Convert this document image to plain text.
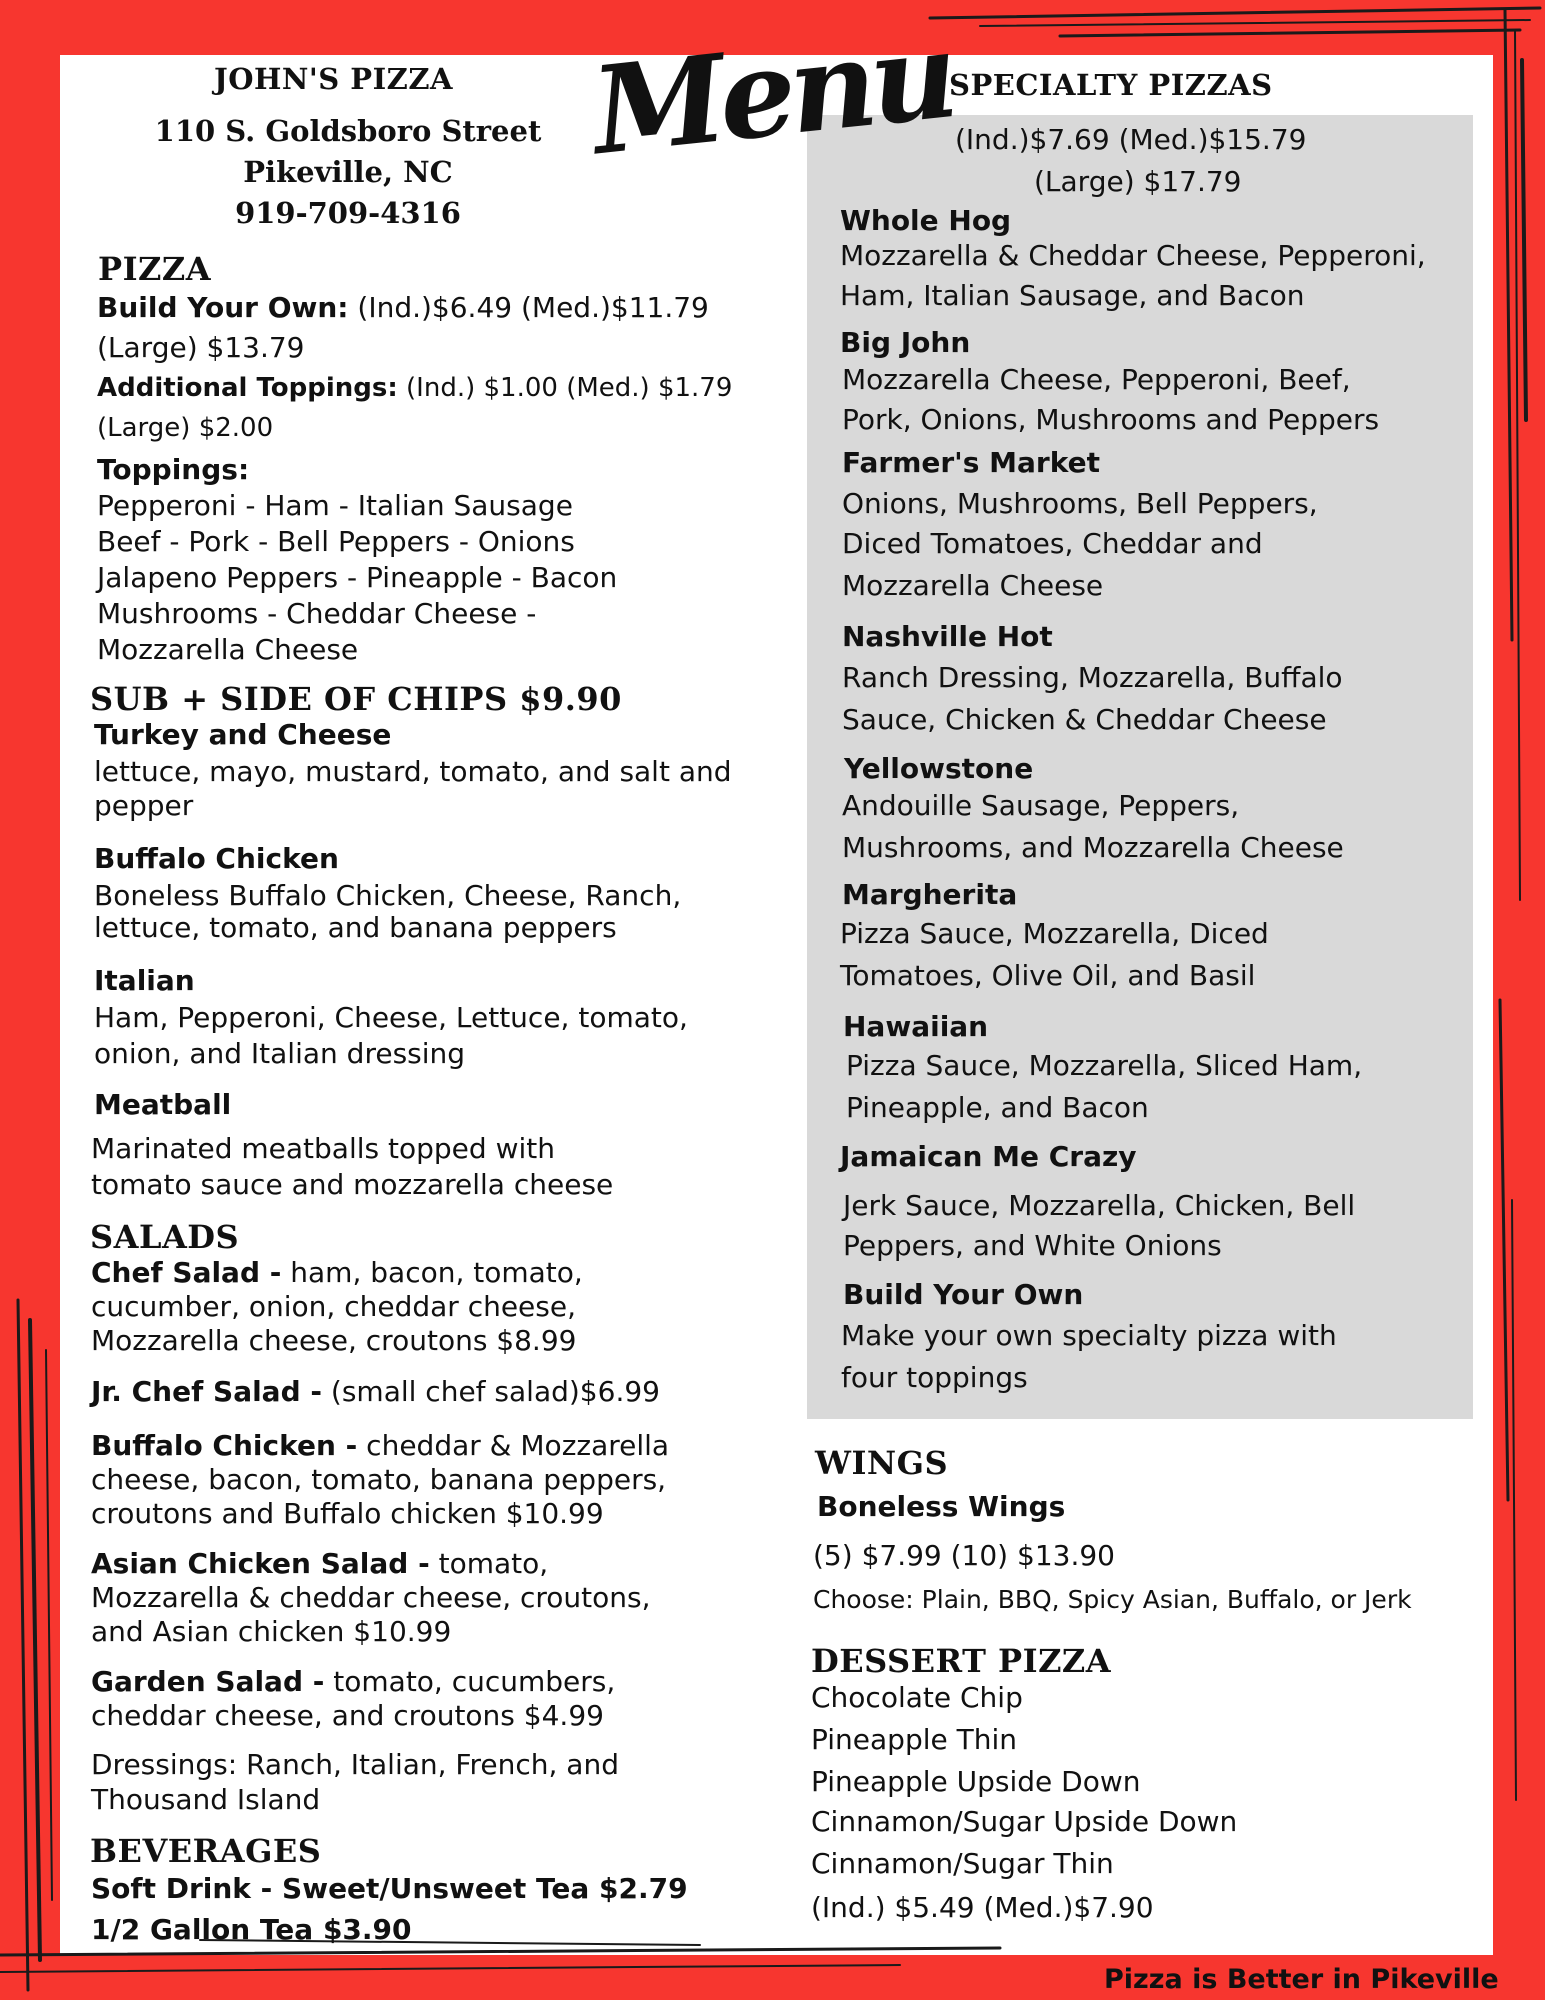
JOHN'S PIZZA
110 S. Goldsboro Street
Pikeville, NC
919-709-4316
Menu
PIZZA
Build Your Own: (Ind.)$6.49 (Med.)$11.79
(Large) $13.79
Additional Toppings: (Ind.) $1.00 (Med.) $1.79
(Large) $2.00
Toppings:
Pepperoni - Ham - Italian Sausage
Beef - Pork - Bell Peppers - Onions
Jalapeno Peppers - Pineapple - Bacon
Mushrooms - Cheddar Cheese -
Mozzarella Cheese
SUB + SIDE OF CHIPS $9.90
Turkey and Cheese
lettuce, mayo, mustard, tomato, and salt and
pepper
Buffalo Chicken
Boneless Buffalo Chicken, Cheese, Ranch,
lettuce, tomato, and banana peppers
Italian
Ham, Pepperoni, Cheese, Lettuce, tomato,
onion, and Italian dressing
Meatball
Marinated meatballs topped with
tomato sauce and mozzarella cheese
SALADS
Chef Salad - ham, bacon, tomato,
cucumber, onion, cheddar cheese,
Mozzarella cheese, croutons $8.99
Jr. Chef Salad - (small chef salad)$6.99
Buffalo Chicken - cheddar & Mozzarella
cheese, bacon, tomato, banana peppers,
croutons and Buffalo chicken $10.99
Asian Chicken Salad - tomato,
Mozzarella & cheddar cheese, croutons,
and Asian chicken $10.99
Garden Salad - tomato, cucumbers,
cheddar cheese, and croutons $4.99
Dressings: Ranch, Italian, French, and
Thousand Island
BEVERAGES
Soft Drink - Sweet/Unsweet Tea $2.79
1/2 Gallon Tea $3.90
SPECIALTY PIZZAS
(Ind.)$7.69 (Med.)$15.79
(Large) $17.79
Whole Hog
Mozzarella & Cheddar Cheese, Pepperoni,
Ham, Italian Sausage, and Bacon
Big John
Mozzarella Cheese, Pepperoni, Beef,
Pork, Onions, Mushrooms and Peppers
Farmer's Market
Onions, Mushrooms, Bell Peppers,
Diced Tomatoes, Cheddar and
Mozzarella Cheese
Nashville Hot
Ranch Dressing, Mozzarella, Buffalo
Sauce, Chicken & Cheddar Cheese
Yellowstone
Andouille Sausage, Peppers,
Mushrooms, and Mozzarella Cheese
Margherita
Pizza Sauce, Mozzarella, Diced
Tomatoes, Olive Oil, and Basil
Hawaiian
Pizza Sauce, Mozzarella, Sliced Ham,
Pineapple, and Bacon
Jamaican Me Crazy
Jerk Sauce, Mozzarella, Chicken, Bell
Peppers, and White Onions
Build Your Own
Make your own specialty pizza with
four toppings
WINGS
Boneless Wings
(5) $7.99 (10) $13.90
Choose: Plain, BBQ, Spicy Asian, Buffalo, or Jerk
DESSERT PIZZA
Chocolate Chip
Pineapple Thin
Pineapple Upside Down
Cinnamon/Sugar Upside Down
Cinnamon/Sugar Thin
(Ind.) $5.49 (Med.)$7.90
Pizza is Better in Pikeville
